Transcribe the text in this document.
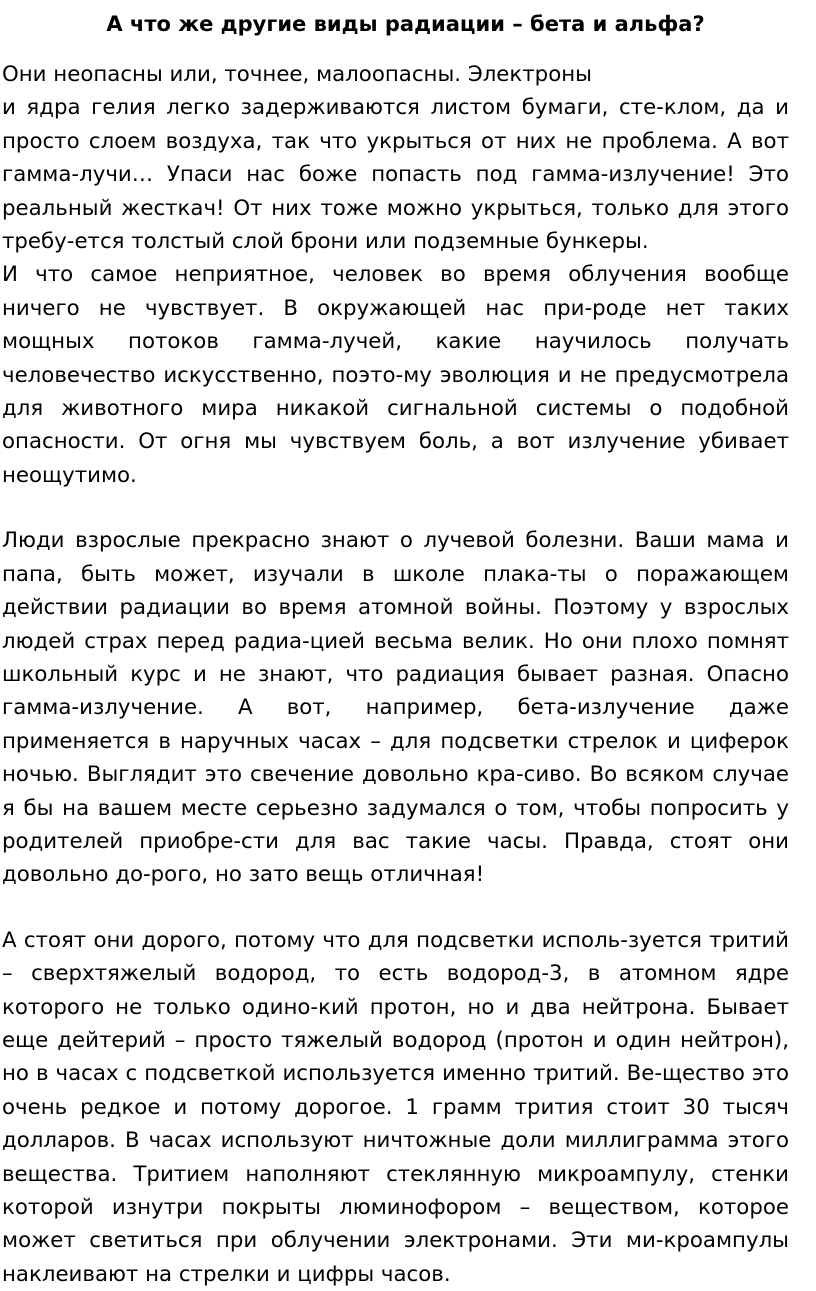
А что же другие виды радиации – бета и альфа?

Они неопасны или, точнее, малоопасны. Электроны

и ядра гелия легко задерживаются листом бумаги, сте-клом, да и просто слоем воздуха, так что укрыться от них не проблема. А вот гамма-лучи… Упаси нас боже попасть под гамма-излучение! Это реальный жесткач! От них тоже можно укрыться, только для этого требу-ется толстый слой брони или подземные бункеры.

И что самое неприятное, человек во время облучения вообще ничего не чувствует. В окружающей нас при-роде нет таких мощных потоков гамма-лучей, какие научилось получать человечество искусственно, поэто-му эволюция и не предусмотрела для животного мира никакой сигнальной системы о подобной опасности. От огня мы чувствуем боль, а вот излучение убивает неощутимо.

Люди взрослые прекрасно знают о лучевой болезни. Ваши мама и папа, быть может, изучали в школе плака-ты о поражающем действии радиации во время атомной войны. Поэтому у взрослых людей страх перед радиа-цией весьма велик. Но они плохо помнят школьный курс и не знают, что радиация бывает разная. Опасно гамма-излучение. А вот, например, бета-излучение даже применяется в наручных часах – для подсветки стрелок и циферок ночью. Выглядит это свечение довольно кра-сиво. Во всяком случае я бы на вашем месте серьезно задумался о том, чтобы попросить у родителей приобре-сти для вас такие часы. Правда, стоят они довольно до-рого, но зато вещь отличная!

А стоят они дорого, потому что для подсветки исполь-зуется тритий – сверхтяжелый водород, то есть водород-3, в атомном ядре которого не только одино-кий протон, но и два нейтрона. Бывает еще дейтерий – просто тяжелый водород (протон и один нейтрон), но в часах с подсветкой используется именно тритий. Ве-щество это очень редкое и потому дорогое. 1 грамм трития стоит 30 тысяч долларов. В часах используют ничтожные доли миллиграмма этого вещества. Тритием наполняют стеклянную микроампулу, стенки которой изнутри покрыты люминофором – веществом, которое может светиться при облучении электронами. Эти ми-кроампулы наклеивают на стрелки и цифры часов.
